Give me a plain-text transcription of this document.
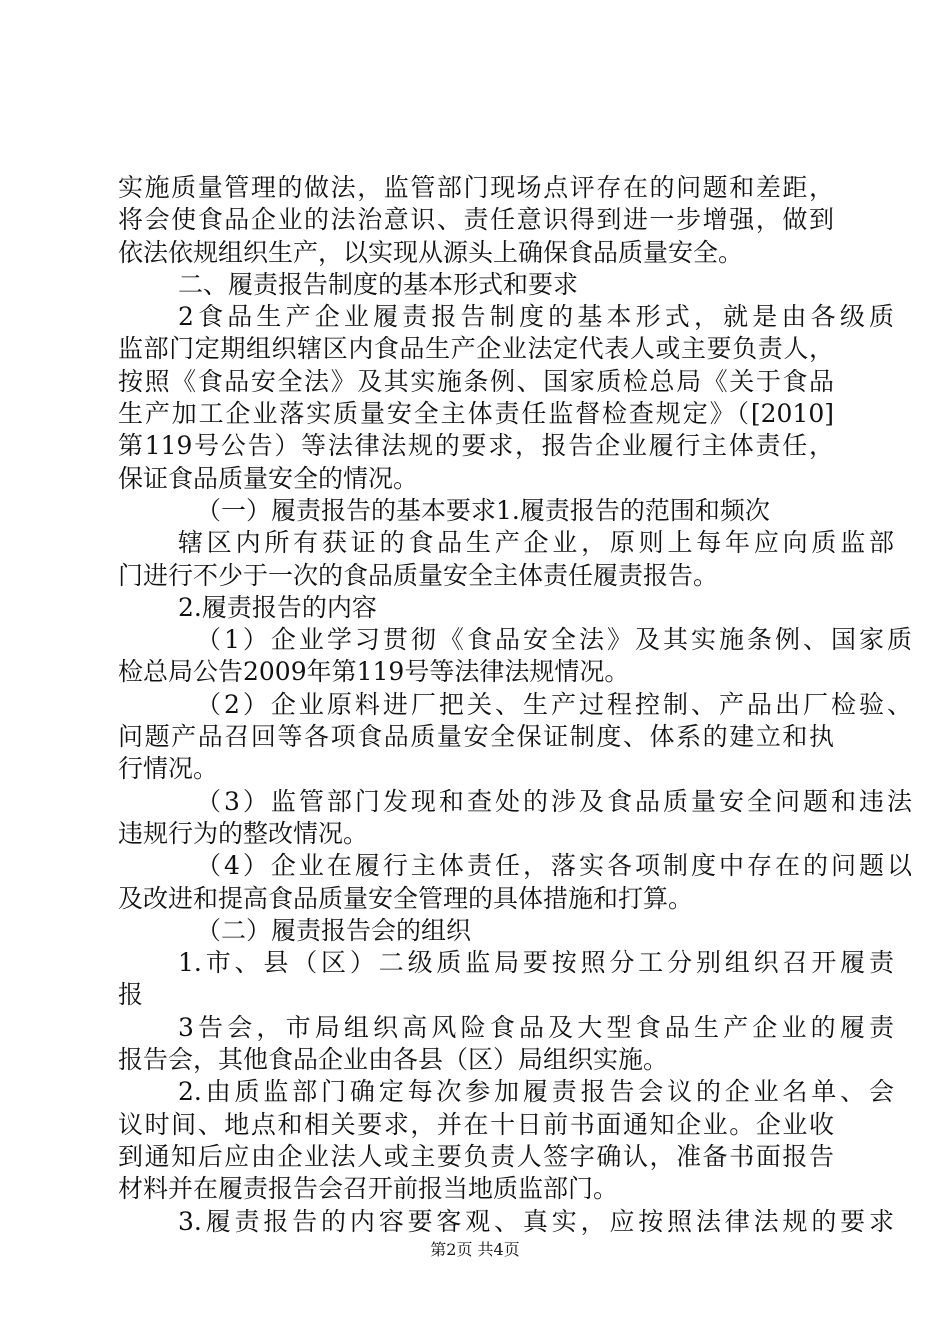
实施质量管理的做法，监管部门现场点评存在的问题和差距，
将会使食品企业的法治意识、责任意识得到进一步增强，做到
依法依规组织生产，以实现从源头上确保食品质量安全。
二、履责报告制度的基本形式和要求
2食品生产企业履责报告制度的基本形式，就是由各级质
监部门定期组织辖区内食品生产企业法定代表人或主要负责人，
按照《食品安全法》及其实施条例、国家质检总局《关于食品
生产加工企业落实质量安全主体责任监督检查规定》（[2010]
第119号公告）等法律法规的要求，报告企业履行主体责任，
保证食品质量安全的情况。
（一）履责报告的基本要求1.履责报告的范围和频次
辖区内所有获证的食品生产企业，原则上每年应向质监部
门进行不少于一次的食品质量安全主体责任履责报告。
2.履责报告的内容
（1）企业学习贯彻《食品安全法》及其实施条例、国家质
检总局公告2009年第119号等法律法规情况。
（2）企业原料进厂把关、生产过程控制、产品出厂检验、
问题产品召回等各项食品质量安全保证制度、体系的建立和执
行情况。
（3）监管部门发现和查处的涉及食品质量安全问题和违法
违规行为的整改情况。
（4）企业在履行主体责任，落实各项制度中存在的问题以
及改进和提高食品质量安全管理的具体措施和打算。
（二）履责报告会的组织
1.市、县（区）二级质监局要按照分工分别组织召开履责
报
3告会，市局组织高风险食品及大型食品生产企业的履责
报告会，其他食品企业由各县（区）局组织实施。
2.由质监部门确定每次参加履责报告会议的企业名单、会
议时间、地点和相关要求，并在十日前书面通知企业。企业收
到通知后应由企业法人或主要负责人签字确认，准备书面报告
材料并在履责报告会召开前报当地质监部门。
3.履责报告的内容要客观、真实，应按照法律法规的要求
第2页 共4页
